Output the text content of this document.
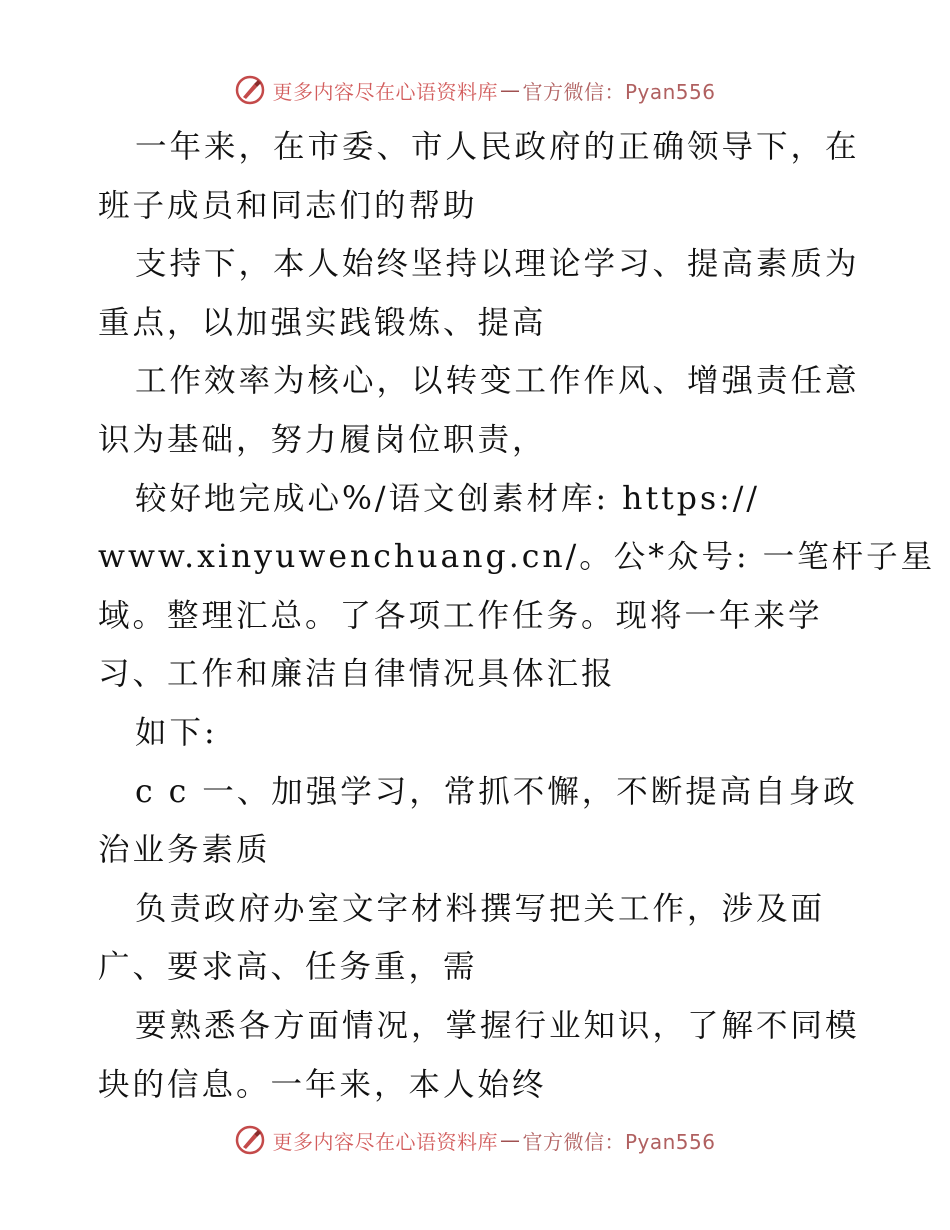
更多内容尽在心语资料库 — 官方微信：Pyan556
一年来，在市委、市人民政府的正确领导下，在
班子成员和同志们的帮助
支持下，本人始终坚持以理论学习、提高素质为
重点，以加强实践锻炼、提高
工作效率为核心，以转变工作作风、增强责任意
识为基础，努力履岗位职责，
较好地完成心%/语文创素材库: https://
www.xinyuwenchuang.cn/。公*众号: 一笔杆子星
域。整理汇总。了各项工作任务。现将一年来学
习、工作和廉洁自律情况具体汇报
如下:
c c 一、加强学习，常抓不懈，不断提高自身政
治业务素质
负责政府办室文字材料撰写把关工作，涉及面
广、要求高、任务重，需
要熟悉各方面情况，掌握行业知识，了解不同模
块的信息。一年来，本人始终
更多内容尽在心语资料库 — 官方微信：Pyan556
